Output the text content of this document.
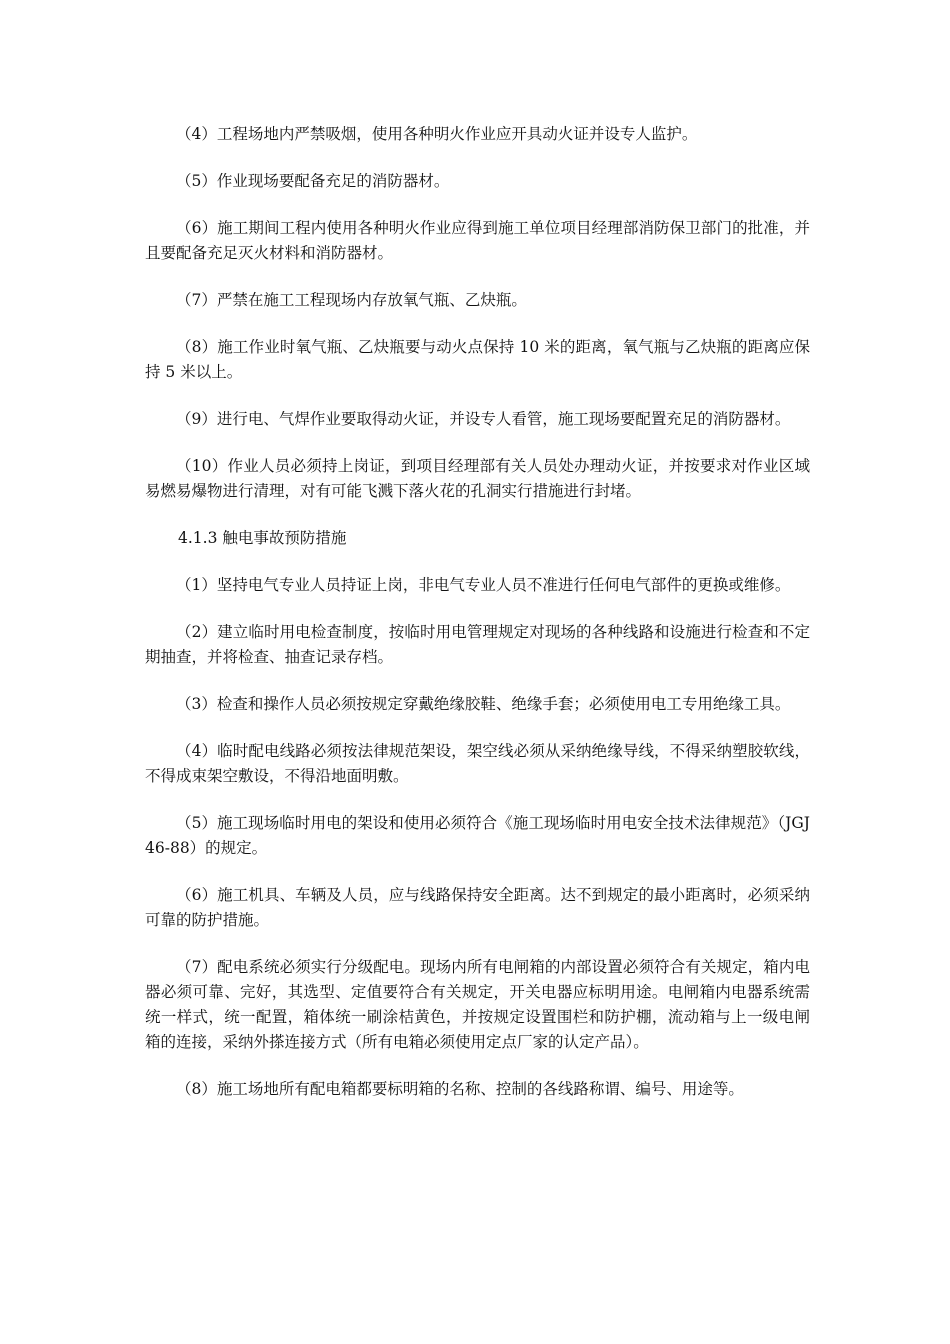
（4）工程场地内严禁吸烟，使用各种明火作业应开具动火证并设专人监护。

（5）作业现场要配备充足的消防器材。

（6）施工期间工程内使用各种明火作业应得到施工单位项目经理部消防保卫部门的批准，并且要配备充足灭火材料和消防器材。

（7）严禁在施工工程现场内存放氧气瓶、乙炔瓶。

（8）施工作业时氧气瓶、乙炔瓶要与动火点保持 10 米的距离，氧气瓶与乙炔瓶的距离应保持 5 米以上。

（9）进行电、气焊作业要取得动火证，并设专人看管，施工现场要配置充足的消防器材。

（10）作业人员必须持上岗证，到项目经理部有关人员处办理动火证，并按要求对作业区域易燃易爆物进行清理，对有可能飞溅下落火花的孔洞实行措施进行封堵。

4.1.3 触电事故预防措施

（1）坚持电气专业人员持证上岗，非电气专业人员不准进行任何电气部件的更换或维修。

（2）建立临时用电检查制度，按临时用电管理规定对现场的各种线路和设施进行检查和不定期抽查，并将检查、抽查记录存档。

（3）检查和操作人员必须按规定穿戴绝缘胶鞋、绝缘手套；必须使用电工专用绝缘工具。

（4）临时配电线路必须按法律规范架设，架空线必须从采纳绝缘导线，不得采纳塑胶软线，不得成束架空敷设，不得沿地面明敷。

（5）施工现场临时用电的架设和使用必须符合《施工现场临时用电安全技术法律规范》（JGJ46-88）的规定。

（6）施工机具、车辆及人员，应与线路保持安全距离。达不到规定的最小距离时，必须采纳可靠的防护措施。

（7）配电系统必须实行分级配电。现场内所有电闸箱的内部设置必须符合有关规定，箱内电器必须可靠、完好，其选型、定值要符合有关规定，开关电器应标明用途。电闸箱内电器系统需统一样式，统一配置，箱体统一刷涂桔黄色，并按规定设置围栏和防护棚，流动箱与上一级电闸箱的连接，采纳外搽连接方式（所有电箱必须使用定点厂家的认定产品）。

（8）施工场地所有配电箱都要标明箱的名称、控制的各线路称谓、编号、用途等。
